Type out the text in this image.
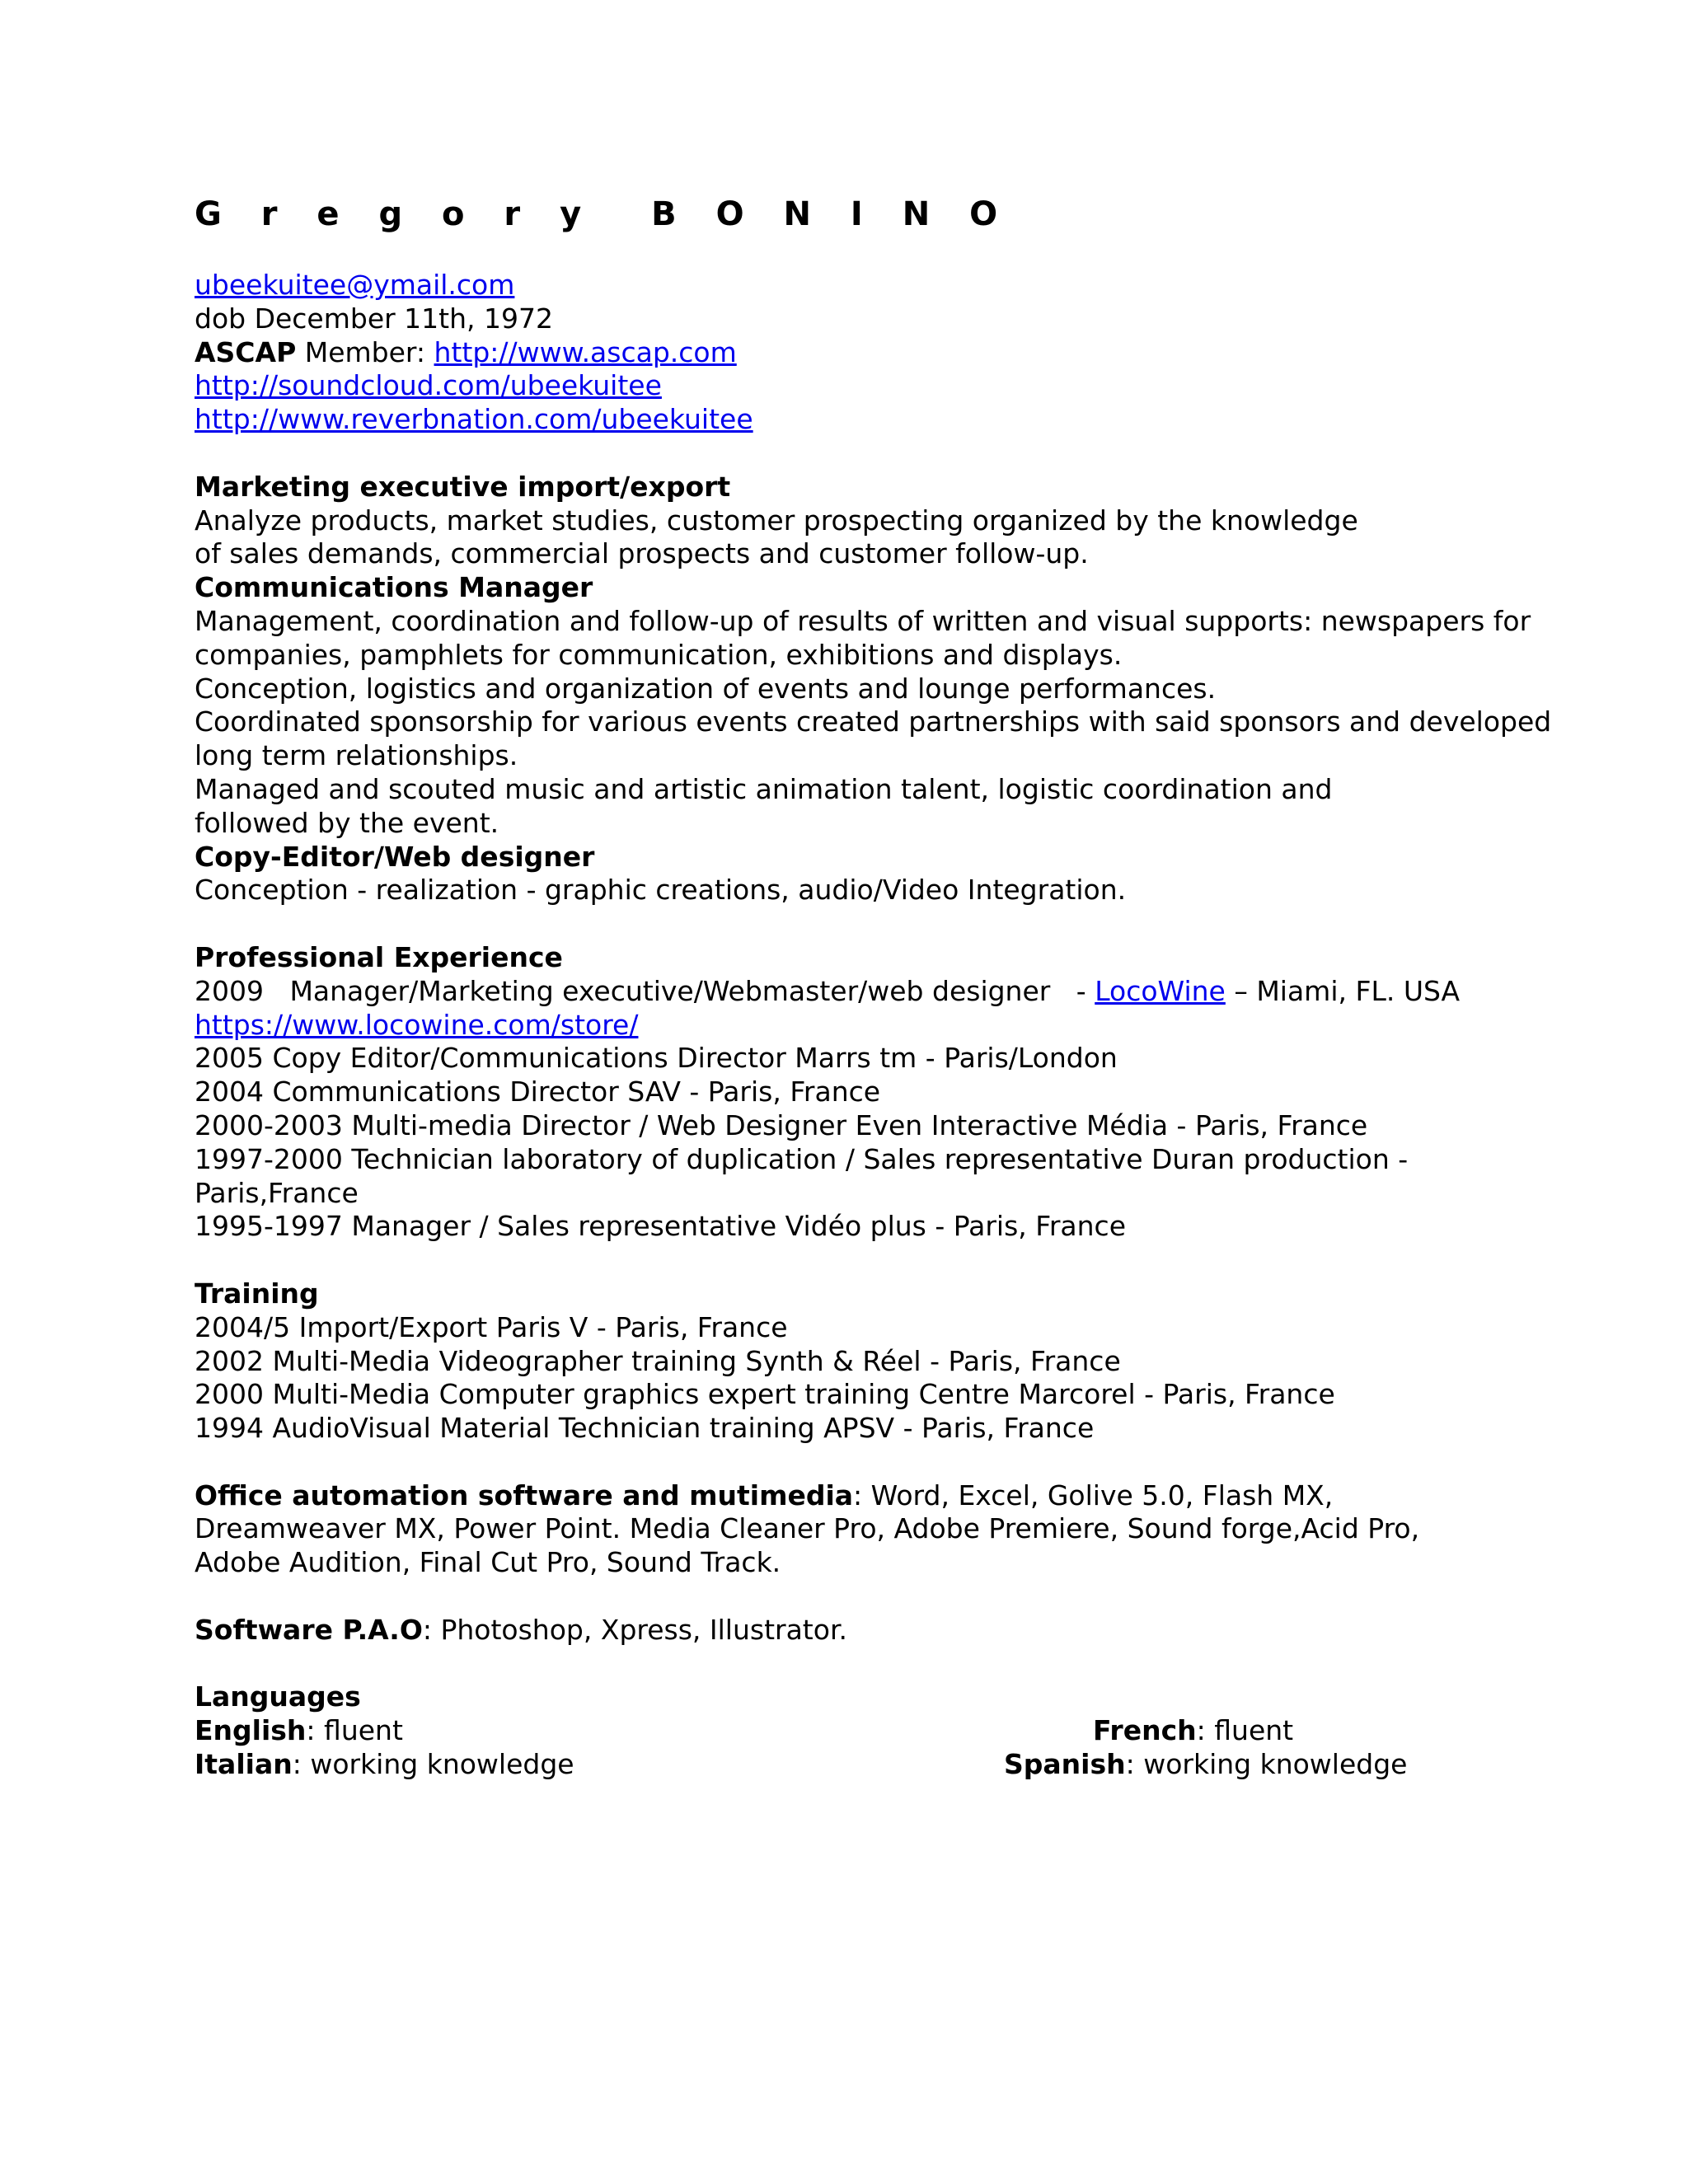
G r e g o r y B O N I N O
ubeekuitee@ymail.com
dob December 11th, 1972
ASCAP Member: http://www.ascap.com
http://soundcloud.com/ubeekuitee
http://www.reverbnation.com/ubeekuitee
Marketing executive import/export
Analyze products, market studies, customer prospecting organized by the knowledge
of sales demands, commercial prospects and customer follow-up.
Communications Manager
Management, coordination and follow-up of results of written and visual supports: newspapers for
companies, pamphlets for communication, exhibitions and displays.
Conception, logistics and organization of events and lounge performances.
Coordinated sponsorship for various events created partnerships with said sponsors and developed
long term relationships.
Managed and scouted music and artistic animation talent, logistic coordination and
followed by the event.
Copy-Editor/Web designer
Conception - realization - graphic creations, audio/Video Integration.
Professional Experience
2009   Manager/Marketing executive/Webmaster/web designer   - LocoWine – Miami, FL. USA
https://www.locowine.com/store/
2005 Copy Editor/Communications Director Marrs tm - Paris/London
2004 Communications Director SAV - Paris, France
2000-2003 Multi-media Director / Web Designer Even Interactive Média - Paris, France
1997-2000 Technician laboratory of duplication / Sales representative Duran production -
Paris,France
1995-1997 Manager / Sales representative Vidéo plus - Paris, France
Training
2004/5 Import/Export Paris V - Paris, France
2002 Multi-Media Videographer training Synth & Réel - Paris, France
2000 Multi-Media Computer graphics expert training Centre Marcorel - Paris, France
1994 AudioVisual Material Technician training APSV - Paris, France
Office automation software and mutimedia: Word, Excel, Golive 5.0, Flash MX,
Dreamweaver MX, Power Point. Media Cleaner Pro, Adobe Premiere, Sound forge,Acid Pro,
Adobe Audition, Final Cut Pro, Sound Track.
Software P.A.O: Photoshop, Xpress, Illustrator.
Languages
English: fluent	French: fluent
Italian: working knowledge	Spanish: working knowledge
